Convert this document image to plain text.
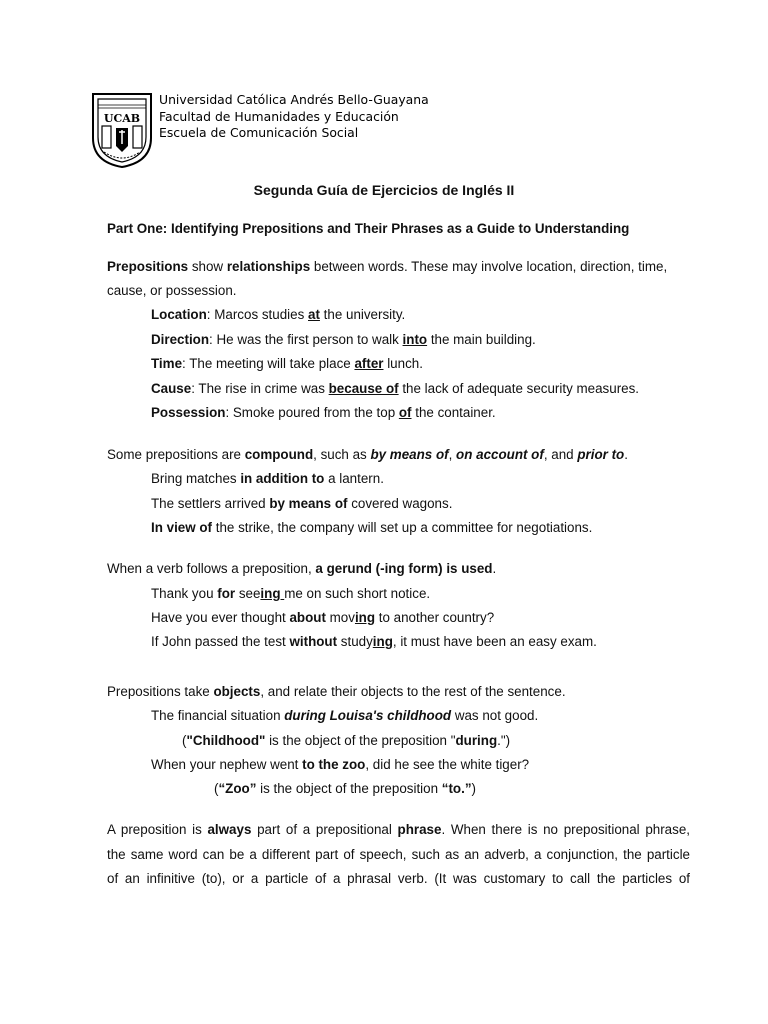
UCAB
Universidad Católica Andrés Bello-Guayana
Facultad de Humanidades y Educación
Escuela de Comunicación Social
Segunda Guía de Ejercicios de Inglés II
Part One: Identifying Prepositions and Their Phrases as a Guide to Understanding
Prepositions show relationships between words. These may involve location, direction, time,
cause, or possession.
Location: Marcos studies at the university.
Direction: He was the first person to walk into the main building.
Time: The meeting will take place after lunch.
Cause: The rise in crime was because of the lack of adequate security measures.
Possession: Smoke poured from the top of the container.
Some prepositions are compound, such as by means of, on account of, and prior to.
Bring matches in addition to a lantern.
The settlers arrived by means of covered wagons.
In view of the strike, the company will set up a committee for negotiations.
When a verb follows a preposition, a gerund (-ing form) is used.
Thank you for seeing me on such short notice.
Have you ever thought about moving to another country?
If John passed the test without studying, it must have been an easy exam.
Prepositions take objects, and relate their objects to the rest of the sentence.
The financial situation during Louisa's childhood was not good.
("Childhood" is the object of the preposition "during.")
When your nephew went to the zoo, did he see the white tiger?
(“Zoo” is the object of the preposition “to.”)
A preposition is always part of a prepositional phrase. When there is no prepositional phrase,
the same word can be a different part of speech, such as an adverb, a conjunction, the particle
of an infinitive (to), or a particle of a phrasal verb. (It was customary to call the particles of
